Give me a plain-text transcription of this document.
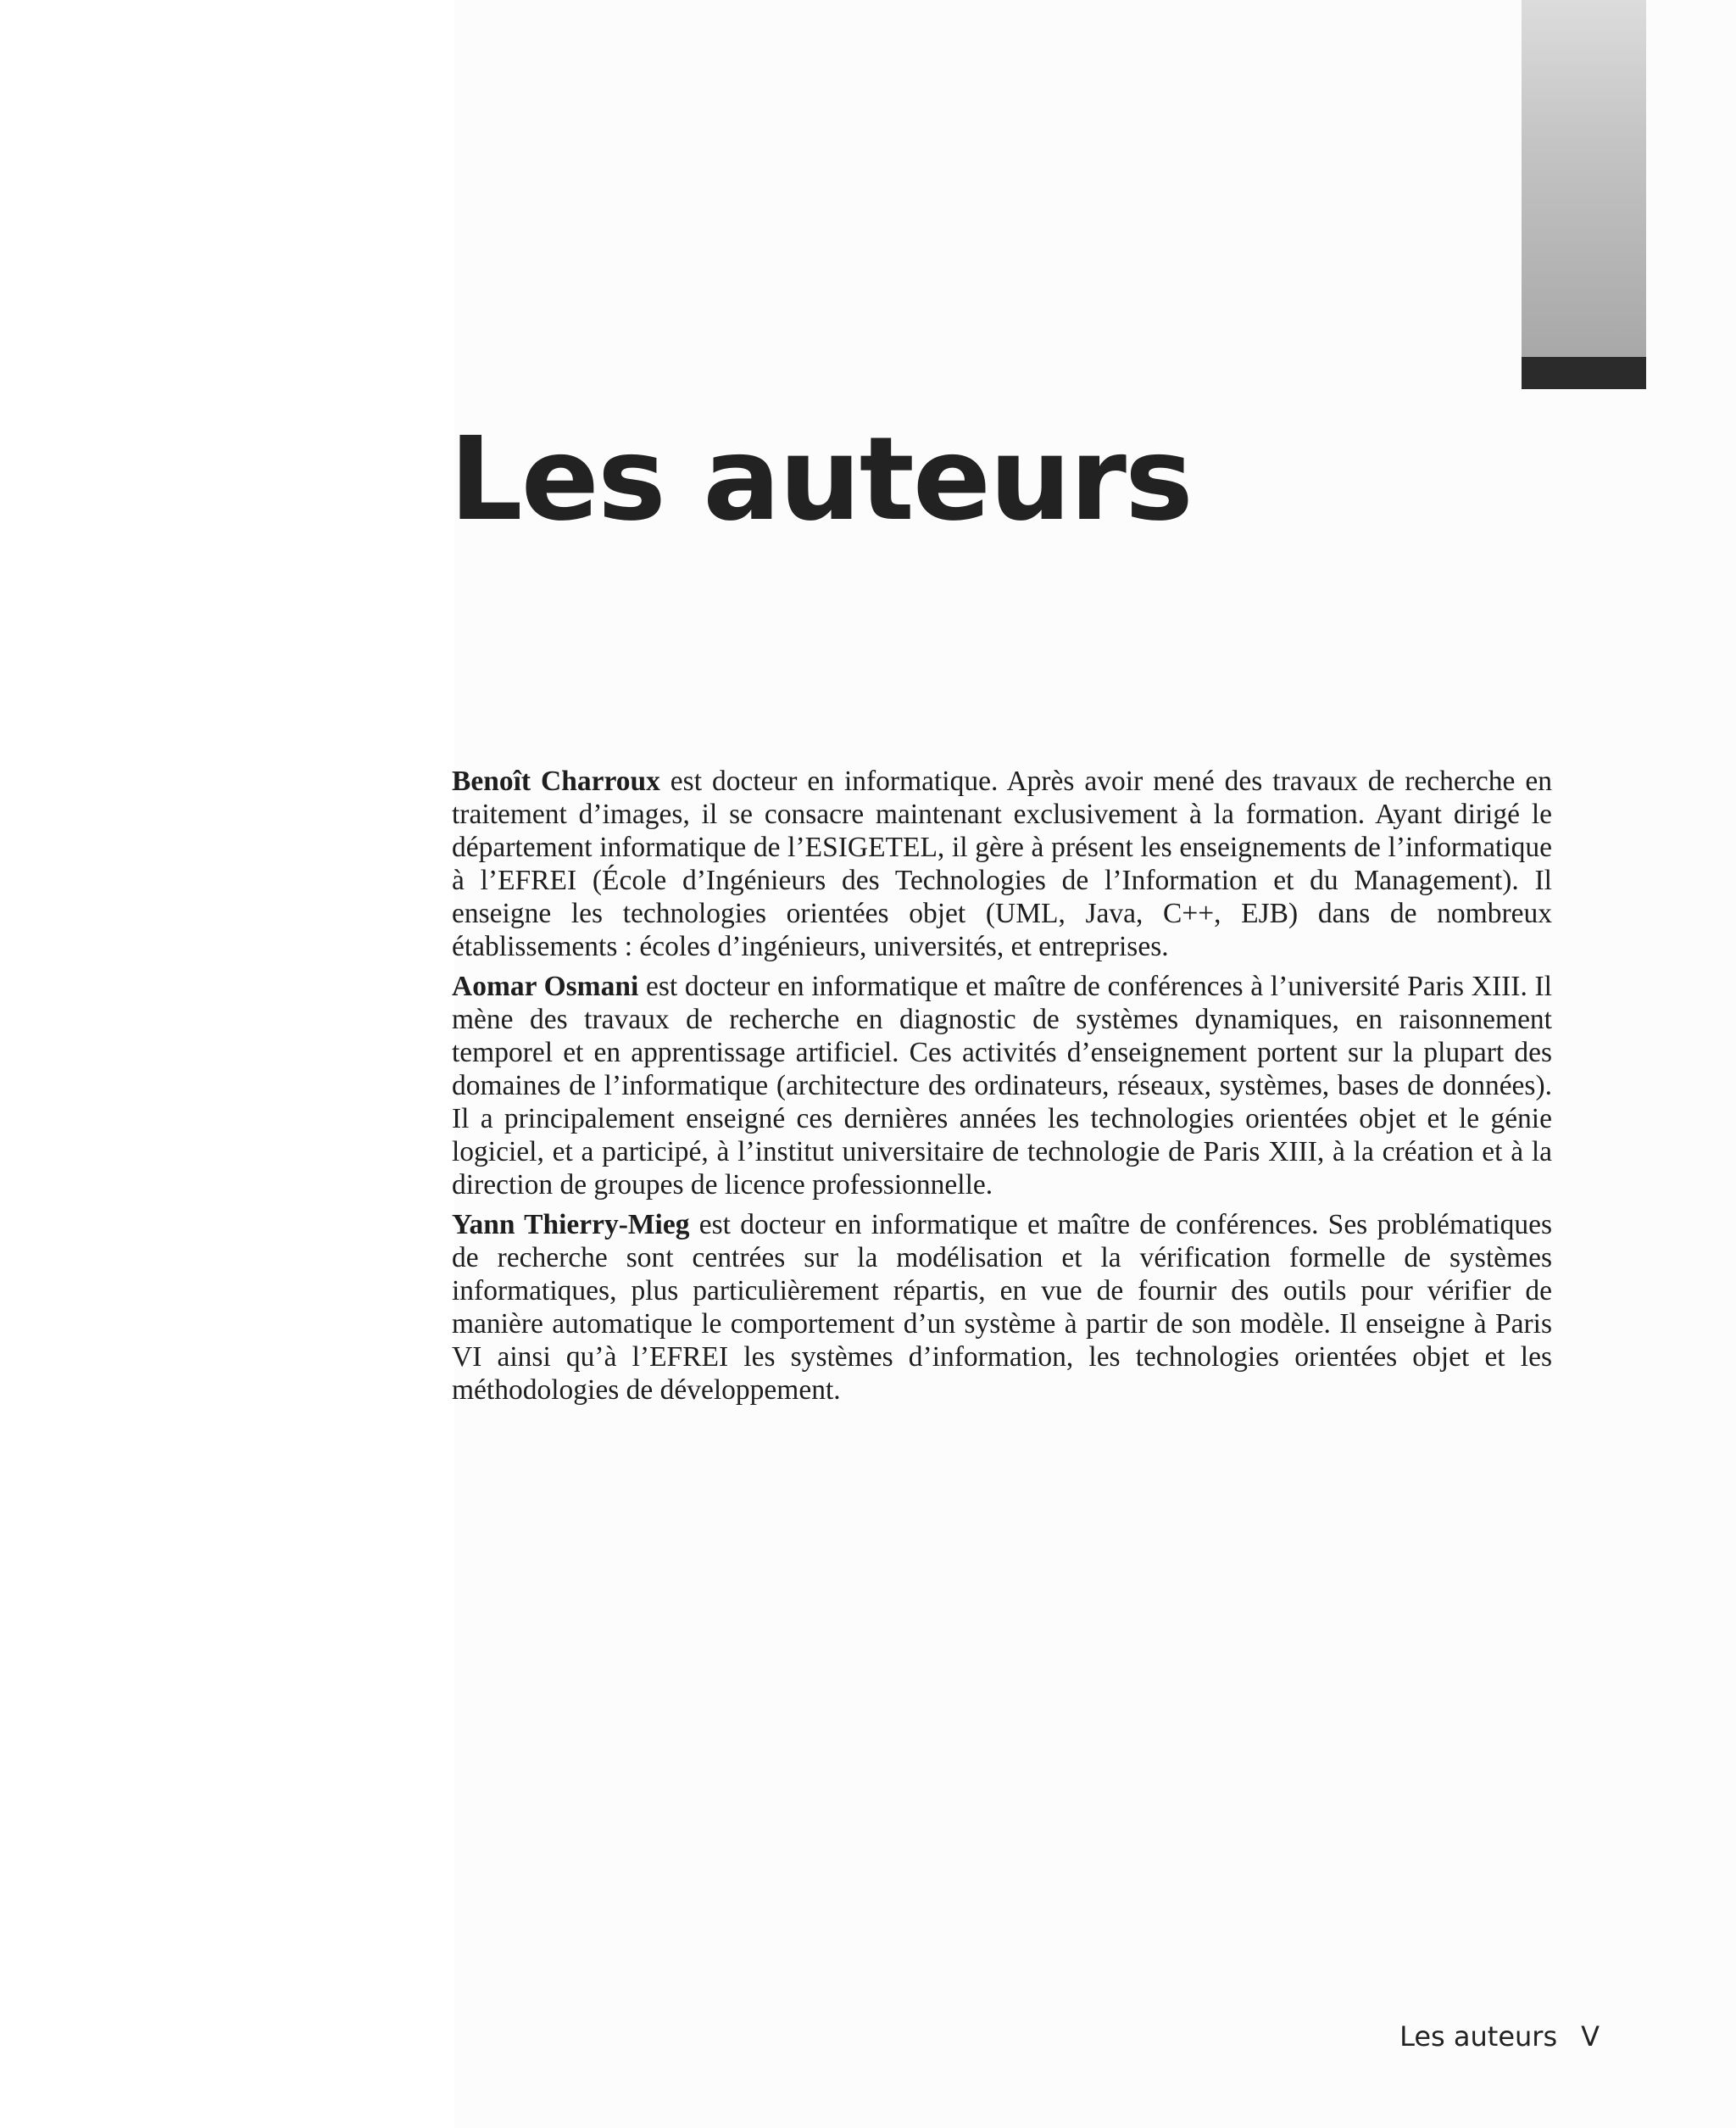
Les auteurs

Benoît Charroux est docteur en informatique. Après avoir mené des travaux de recherche en traitement d’images, il se consacre maintenant exclusivement à la formation. Ayant dirigé le département informatique de l’ESIGETEL, il gère à présent les enseignements de l’informatique à l’EFREI (École d’Ingénieurs des Technologies de l’Information et du Management). Il enseigne les technologies orientées objet (UML, Java, C++, EJB) dans de nombreux établissements : écoles d’ingénieurs, universités, et entreprises.

Aomar Osmani est docteur en informatique et maître de conférences à l’université Paris XIII. Il mène des travaux de recherche en diagnostic de systèmes dynamiques, en raisonnement temporel et en apprentissage artificiel. Ces activités d’enseignement portent sur la plupart des domaines de l’informatique (architecture des ordinateurs, réseaux, systèmes, bases de données). Il a principalement enseigné ces dernières années les technologies orientées objet et le génie logiciel, et a participé, à l’institut universitaire de technologie de Paris XIII, à la création et à la direction de groupes de licence professionnelle.

Yann Thierry-Mieg est docteur en informatique et maître de conférences. Ses problématiques de recherche sont centrées sur la modélisation et la vérification formelle de systèmes informatiques, plus particulièrement répartis, en vue de fournir des outils pour vérifier de manière automatique le comportement d’un système à partir de son modèle. Il enseigne à Paris VI ainsi qu’à l’EFREI les systèmes d’information, les technologies orientées objet et les méthodologies de développement.

Les auteurs V
